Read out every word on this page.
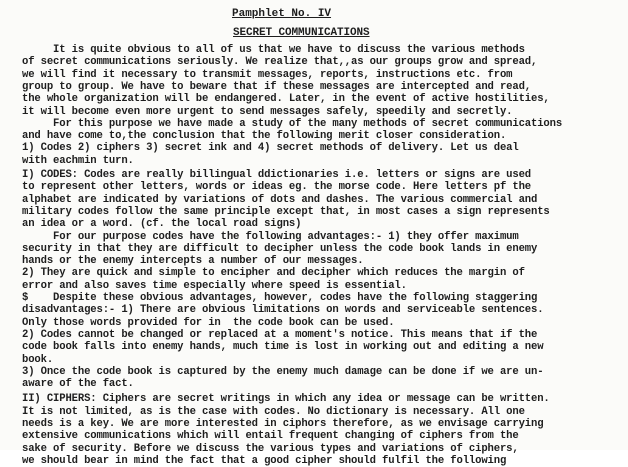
Pamphlet No. IV
SECRET COMMUNICATIONS
It is quite obvious to all of us that we have to discuss the various methods
of secret communications seriously. We realize that,,as our groups grow and spread,
we will find it necessary to transmit messages, reports, instructions etc. from
group to group. We have to beware that if these messages are intercepted and read,
the whole organization will be endangered. Later, in the event of active hostilities,
it will become even more urgent to send messages safely, speedily and secretly.
For this purpose we have made a study of the many methods of secret communications
and have come to,the conclusion that the following merit closer consideration.
1) Codes 2) ciphers 3) secret ink and 4) secret methods of delivery. Let us deal
with eachmin turn.
I) CODES: Codes are really billingual ddictionaries i.e. letters or signs are used
to represent other letters, words or ideas eg. the morse code. Here letters pf the
alphabet are indicated by variations of dots and dashes. The various commercial and
military codes follow the same principle except that, in most cases a sign represents
an idea or a word. (cf. the local road signs)
For our purpose codes have the following advantages:- 1) they offer maximum
security in that they are difficult to decipher unless the code book lands in enemy
hands or the enemy intercepts a number of our messages.
2) They are quick and simple to encipher and decipher which reduces the margin of
error and also saves time especially where speed is essential.
$    Despite these obvious advantages, however, codes have the following staggering
disadvantages:- 1) There are obvious limitations on words and serviceable sentences.
Only those words provided for in  the code book can be used.
2) Codes cannot be changed or replaced at a moment's notice. This means that if the
code book falls into enemy hands, much time is lost in working out and editing a new
book.
3) Once the code book is captured by the enemy much damage can be done if we are un-
aware of the fact.
II) CIPHERS: Ciphers are secret writings in which any idea or message can be written.
It is not limited, as is the case with codes. No dictionary is necessary. All one
needs is a key. We are more interested in ciphors therefore, as we envisage carrying
extensive communications which will entail frequent changing of ciphers from the
sake of security. Before we discuss the various types and variations of ciphers,
we should bear in mind the fact that a good cipher should fulfil the following
